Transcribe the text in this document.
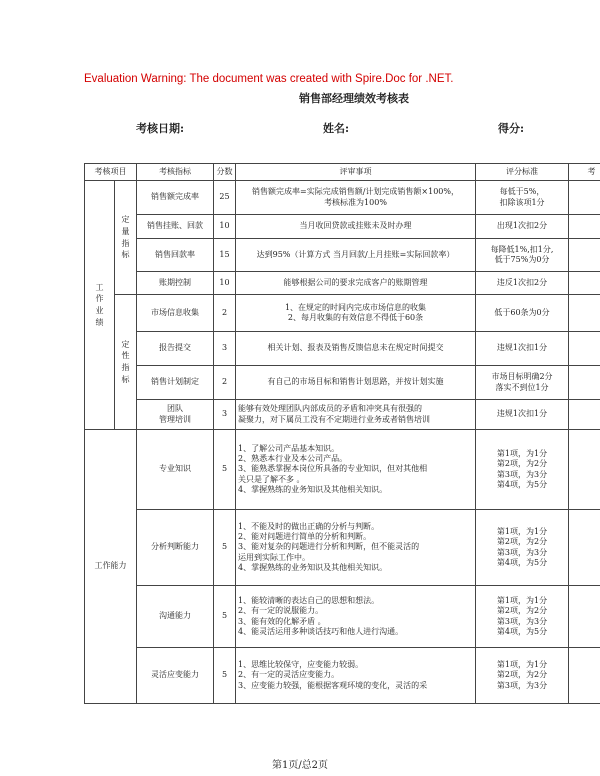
Evaluation Warning: The document was created with Spire.Doc for .NET.
销售部经理绩效考核表
考核日期:	姓名:	得分:
考核项目		考核指标	分数	评审事项	评分标准	考
工作业绩	定量指标	销售额完成率	25	销售额完成率=实际完成销售额/计划完成销售额×100%，
考核标准为100%	每低于5%，
扣除该项1分	
		销售挂账、回款	10	当月收回贷款或挂账未及时办理	出现1次扣2分	
		销售回款率	15	达到95%（计算方式 当月回款/上月挂账=实际回款率）	每降低1%,扣1分,
低于75%为0分	
		账期控制	10	能够根据公司的要求完成客户的账期管理	违反1次扣2分	
	定性指标	市场信息收集	2	1、在规定的时间内完成市场信息的收集
2、每月收集的有效信息不得低于60条	低于60条为0分	
		报告提交	3	相关计划、报表及销售反馈信息未在规定时间提交	违规1次扣1分	
		销售计划制定	2	有自己的市场目标和销售计划思路，并按计划实施	市场目标明确2分
落实不到位1分	
		团队
管理培训	3	能够有效处理团队内部成员的矛盾和冲突具有很强的
凝聚力，对下属员工没有不定期进行业务或者销售培训	违规1次扣1分	
工作能力		专业知识	5	1、了解公司产品基本知识。
2、熟悉本行业及本公司产品。
3、能熟悉掌握本岗位所具备的专业知识，但对其他相
关只是了解不多 。
4、掌握熟练的业务知识及其他相关知识。	第1项，为1分
第2项，为2分
第3项，为3分
第4项，为5分	
		分析判断能力	5	1、不能及时的做出正确的分析与判断。
2、能对问题进行简单的分析和判断。
3、能对复杂的问题进行分析和判断，但不能灵活的
运用到实际工作中。
4、掌握熟练的业务知识及其他相关知识。	第1项，为1分
第2项，为2分
第3项，为3分
第4项，为5分	
		沟通能力	5	1、能较清晰的表达自己的思想和想法。
2、有一定的说服能力。
3、能有效的化解矛盾 。
4、能灵活运用多种谈话技巧和他人进行沟通。	第1项，为1分
第2项，为2分
第3项，为3分
第4项，为5分	
		灵活应变能力	5	1、思维比较保守，应变能力较弱。
2、有一定的灵活应变能力。
3、应变能力较强，能根据客观环境的变化，灵活的采	第1项，为1分
第2项，为2分
第3项，为3分	
第1页/总2页
